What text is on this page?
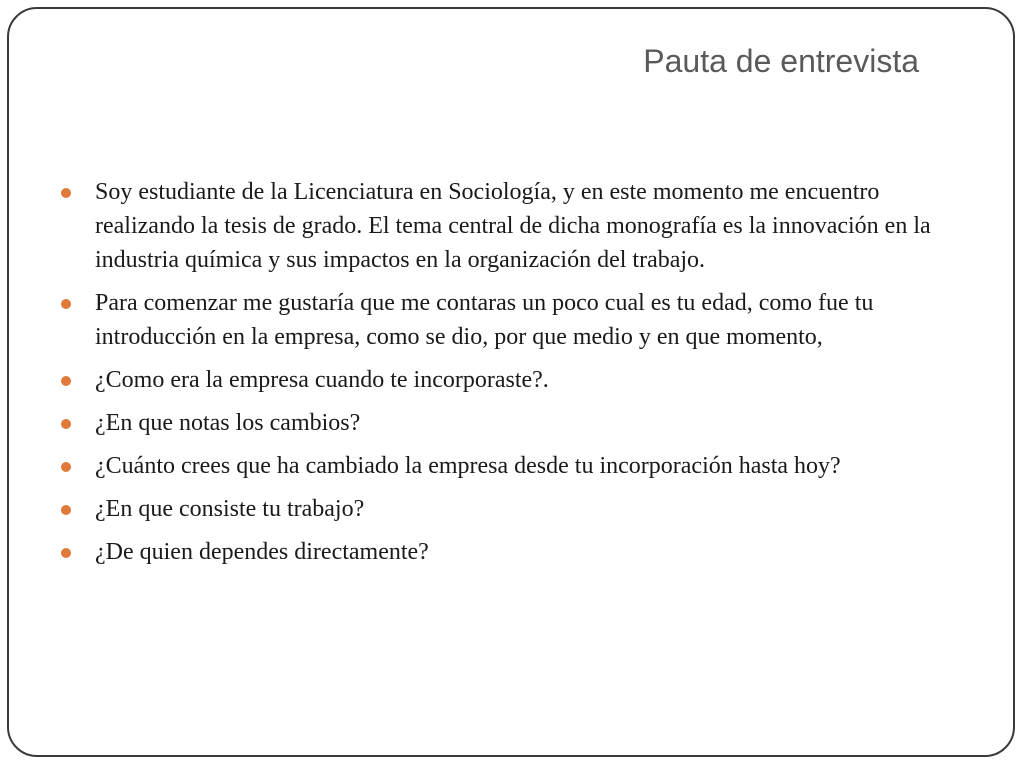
Pauta de entrevista
Soy estudiante de la Licenciatura en Sociología, y en este momento me encuentro realizando la tesis de grado. El tema central de dicha monografía es la innovación en la industria química y sus impactos en la organización del trabajo.
Para comenzar me gustaría que me contaras un poco cual es tu edad, como fue tu introducción en la empresa, como se dio, por que medio y en que momento,
¿Como era la empresa cuando te incorporaste?.
¿En que notas los cambios?
¿Cuánto crees que ha cambiado la empresa desde tu incorporación hasta hoy?
¿En que consiste tu trabajo?
¿De quien dependes directamente?
